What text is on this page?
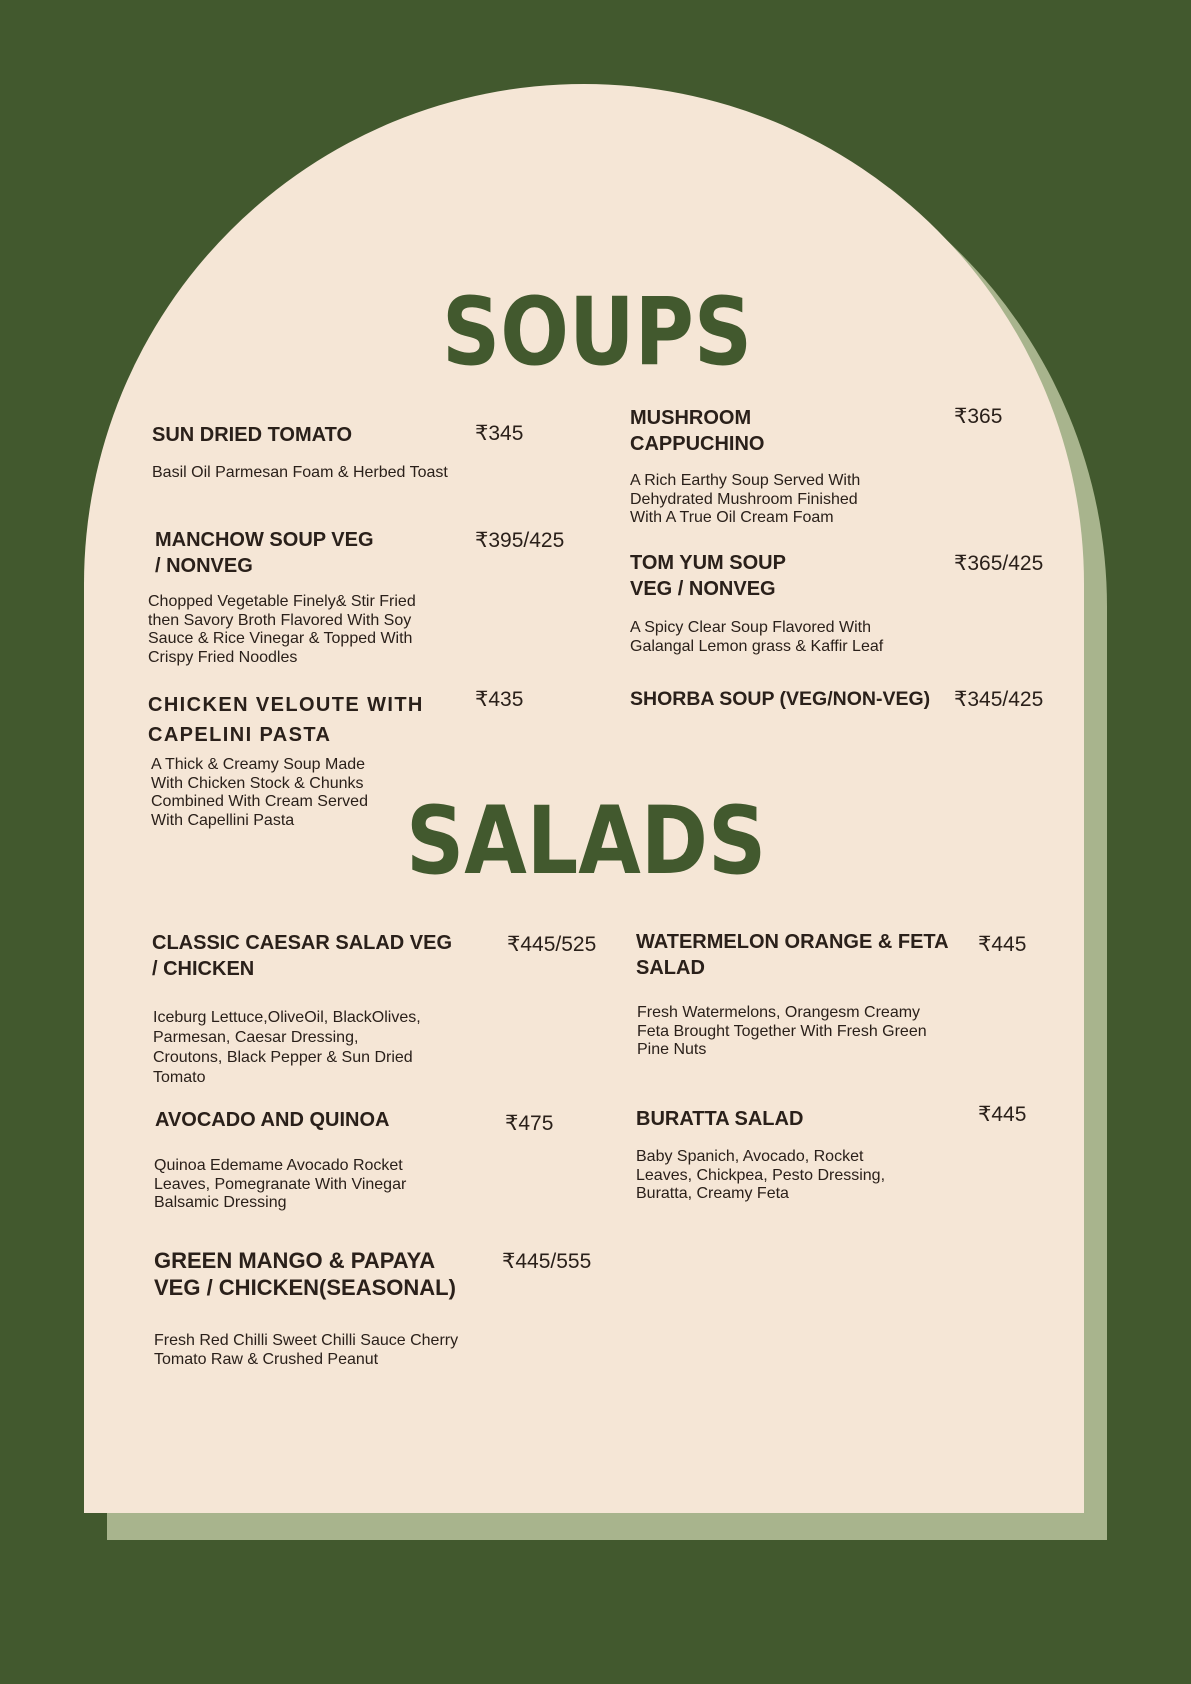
SOUPS
SUN DRIED TOMATO	₹345
Basil Oil Parmesan Foam & Herbed Toast
MANCHOW SOUP VEG
/ NONVEG
₹395/425
Chopped Vegetable Finely& Stir Fried
then Savory Broth Flavored With Soy
Sauce & Rice Vinegar & Topped With
Crispy Fried Noodles
CHICKEN VELOUTE WITH
CAPELINI PASTA
₹435
A Thick & Creamy Soup Made
With Chicken Stock & Chunks
Combined With Cream Served
With Capellini Pasta
MUSHROOM
CAPPUCHINO
₹365
A Rich Earthy Soup Served With
Dehydrated Mushroom Finished
With A True Oil Cream Foam
TOM YUM SOUP
VEG / NONVEG
₹365/425
A Spicy Clear Soup Flavored With
Galangal Lemon grass & Kaffir Leaf
SHORBA SOUP (VEG/NON-VEG)	₹345/425
SALADS
CLASSIC CAESAR SALAD VEG
/ CHICKEN
₹445/525
Iceburg Lettuce,OliveOil, BlackOlives,
Parmesan, Caesar Dressing,
Croutons, Black Pepper & Sun Dried
Tomato
AVOCADO AND QUINOA	₹475
Quinoa Edemame Avocado Rocket
Leaves, Pomegranate With Vinegar
Balsamic Dressing
GREEN MANGO & PAPAYA
VEG / CHICKEN(SEASONAL)
₹445/555
Fresh Red Chilli Sweet Chilli Sauce Cherry
Tomato Raw & Crushed Peanut
WATERMELON ORANGE & FETA
SALAD
₹445
Fresh Watermelons, Orangesm Creamy
Feta Brought Together With Fresh Green
Pine Nuts
BURATTA SALAD	₹445
Baby Spanich, Avocado, Rocket
Leaves, Chickpea, Pesto Dressing,
Buratta, Creamy Feta
